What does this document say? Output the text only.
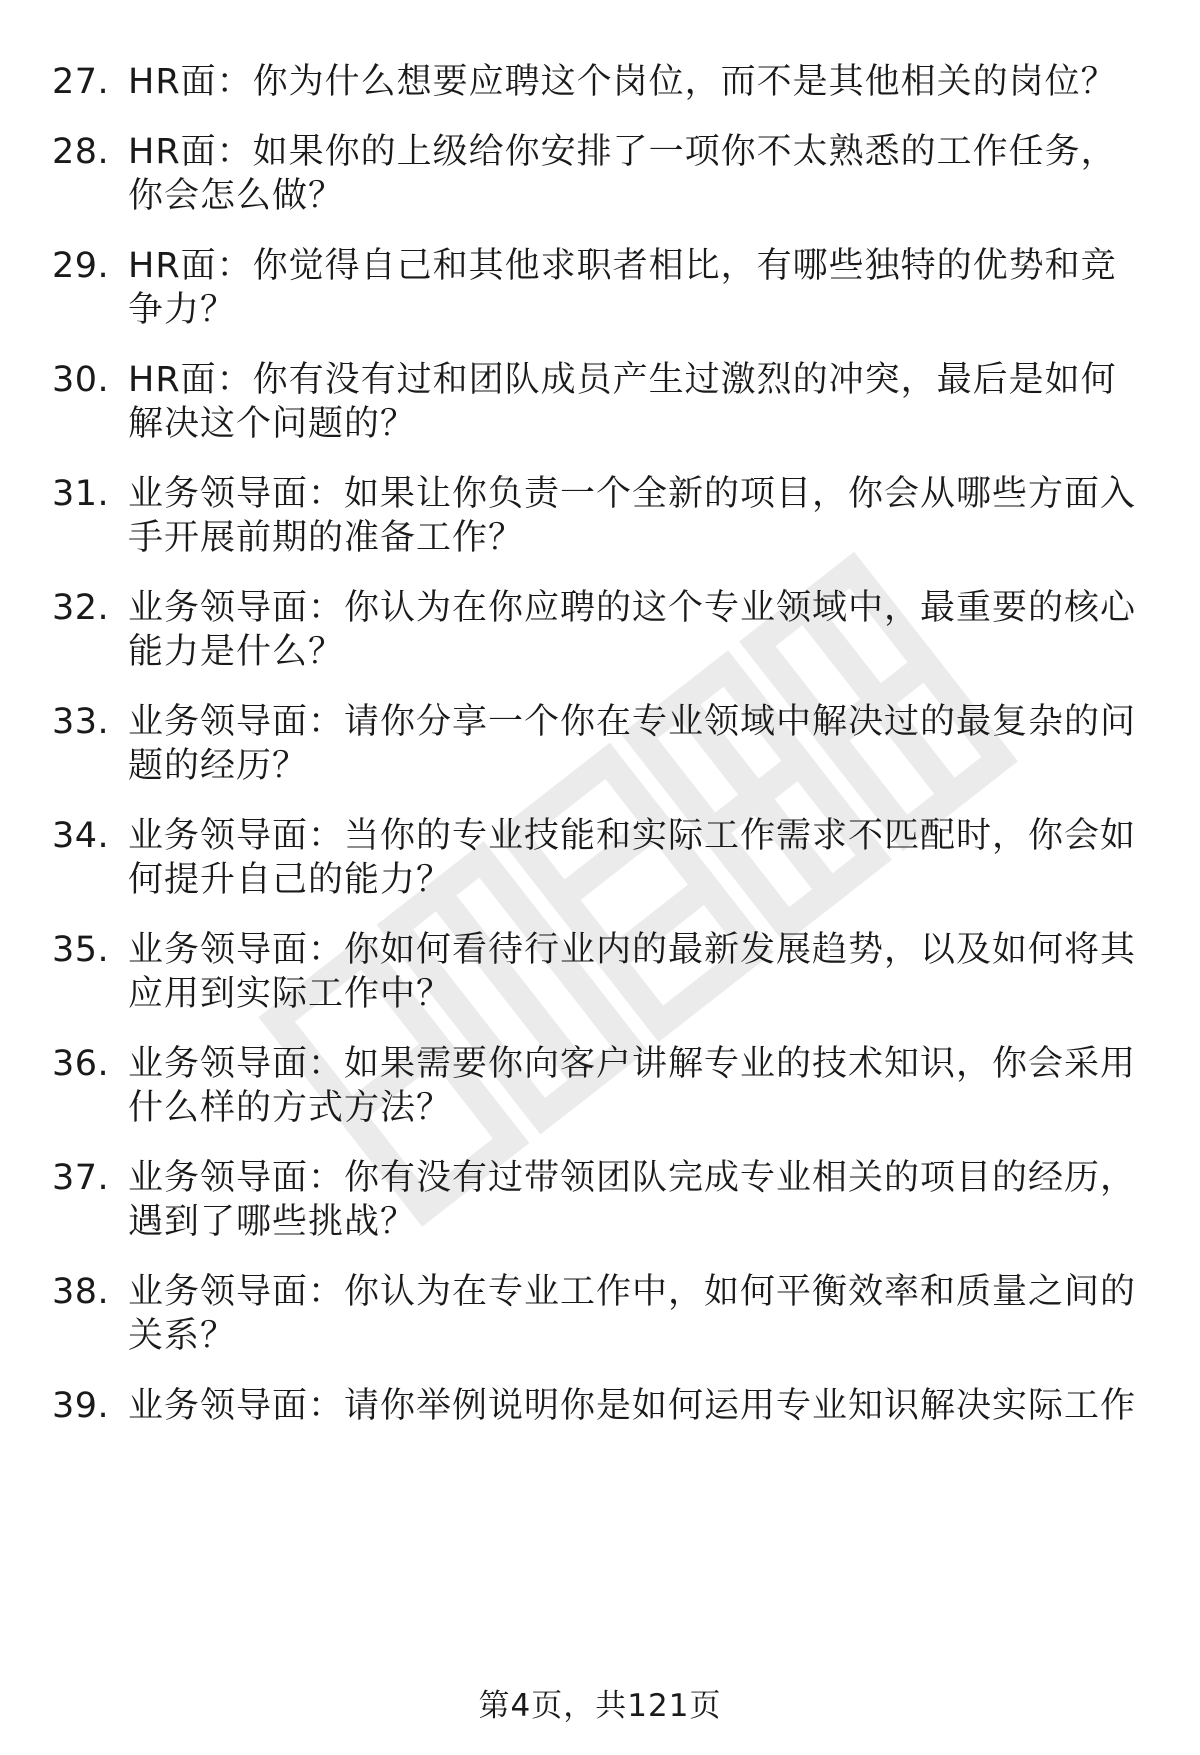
27. HR面：你为什么想要应聘这个岗位，而不是其他相关的岗位？
28. HR面：如果你的上级给你安排了一项你不太熟悉的工作任务，你会怎么做？
29. HR面：你觉得自己和其他求职者相比，有哪些独特的优势和竞争力？
30. HR面：你有没有过和团队成员产生过激烈的冲突，最后是如何解决这个问题的？
31. 业务领导面：如果让你负责一个全新的项目，你会从哪些方面入手开展前期的准备工作？
32. 业务领导面：你认为在你应聘的这个专业领域中，最重要的核心能力是什么？
33. 业务领导面：请你分享一个你在专业领域中解决过的最复杂的问题的经历？
34. 业务领导面：当你的专业技能和实际工作需求不匹配时，你会如何提升自己的能力？
35. 业务领导面：你如何看待行业内的最新发展趋势，以及如何将其应用到实际工作中？
36. 业务领导面：如果需要你向客户讲解专业的技术知识，你会采用什么样的方式方法？
37. 业务领导面：你有没有过带领团队完成专业相关的项目的经历，遇到了哪些挑战？
38. 业务领导面：你认为在专业工作中，如何平衡效率和质量之间的关系？
39. 业务领导面：请你举例说明你是如何运用专业知识解决实际工作
第4页，共121页
